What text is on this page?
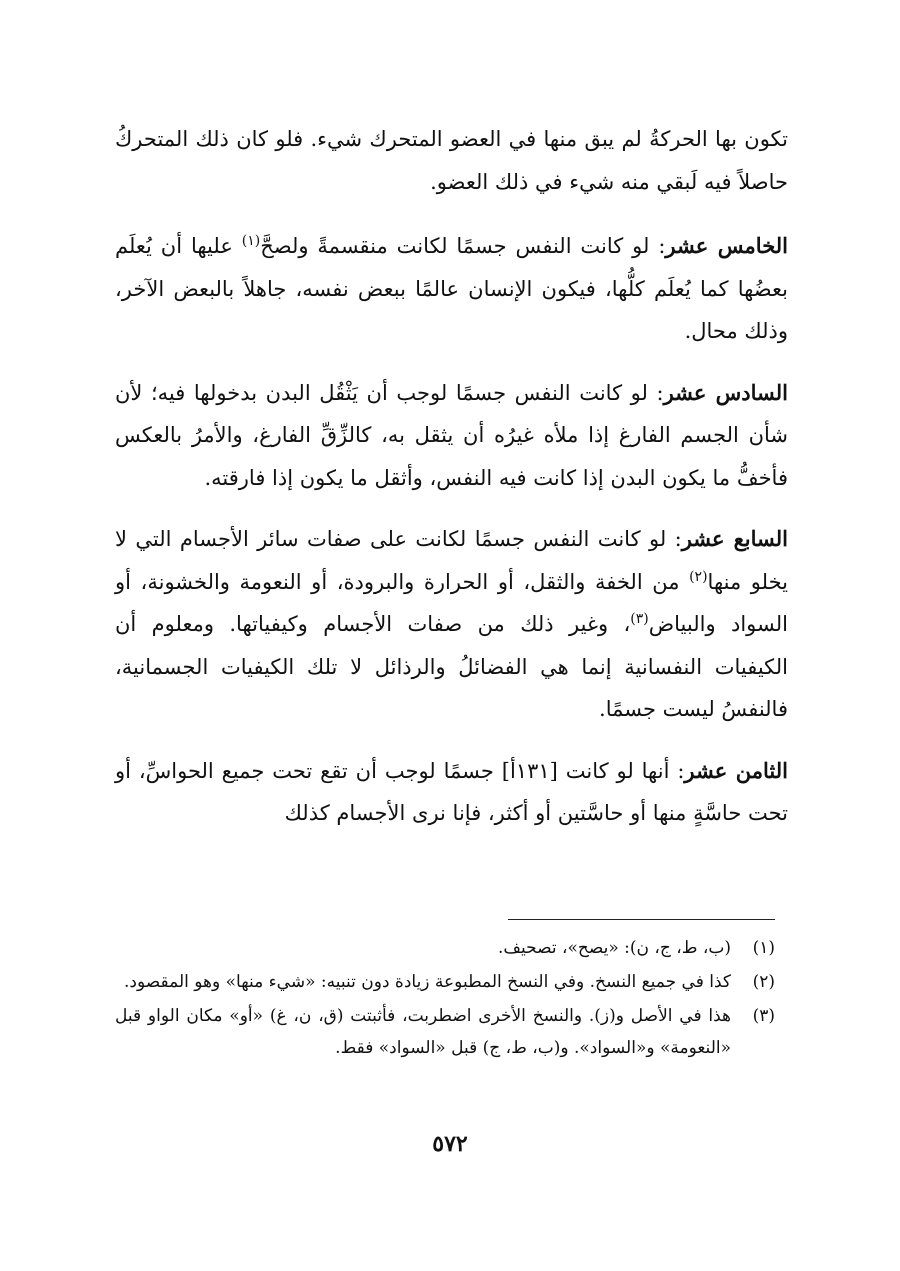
تكون بها الحركةُ لم يبق منها في العضو المتحرك شيء. فلو كان ذلك المتحركُ حاصلاً فيه لَبقي منه شيء في ذلك العضو.

الخامس عشر: لو كانت النفس جسمًا لكانت منقسمةً ولصحَّ$^{(١)}$ عليها أن يُعلَم بعضُها كما يُعلَم كلُّها، فيكون الإنسان عالمًا ببعض نفسه، جاهلاً بالبعض الآخر، وذلك محال.

السادس عشر: لو كانت النفس جسمًا لوجب أن يَثْقُل البدن بدخولها فيه؛ لأن شأن الجسم الفارغ إذا ملأه غيرُه أن يثقل به، كالزِّقِّ الفارغ، والأمرُ بالعكس فأخفُّ ما يكون البدن إذا كانت فيه النفس، وأثقل ما يكون إذا فارقته.

السابع عشر: لو كانت النفس جسمًا لكانت على صفات سائر الأجسام التي لا يخلو منها$^{(٢)}$ من الخفة والثقل، أو الحرارة والبرودة، أو النعومة والخشونة، أو السواد والبياض$^{(٣)}$، وغير ذلك من صفات الأجسام وكيفياتها. ومعلوم أن الكيفيات النفسانية إنما هي الفضائلُ والرذائل لا تلك الكيفيات الجسمانية، فالنفسُ ليست جسمًا.

الثامن عشر: أنها لو كانت [١٣١أ] جسمًا لوجب أن تقع تحت جميع الحواسِّ، أو تحت حاسَّةٍ منها أو حاسَّتين أو أكثر، فإنا نرى الأجسام كذلك

(١)
(ب، ط، ج، ن): «يصح»، تصحيف.
(٢)
كذا في جميع النسخ. وفي النسخ المطبوعة زيادة دون تنبيه: «شيء منها» وهو المقصود.
(٣)
هذا في الأصل و(ز). والنسخ الأخرى اضطربت، فأثبتت (ق، ن، غ) «أو» مكان الواو قبل «النعومة» و«السواد». و(ب، ط، ج) قبل «السواد» فقط.
٥٧٢
